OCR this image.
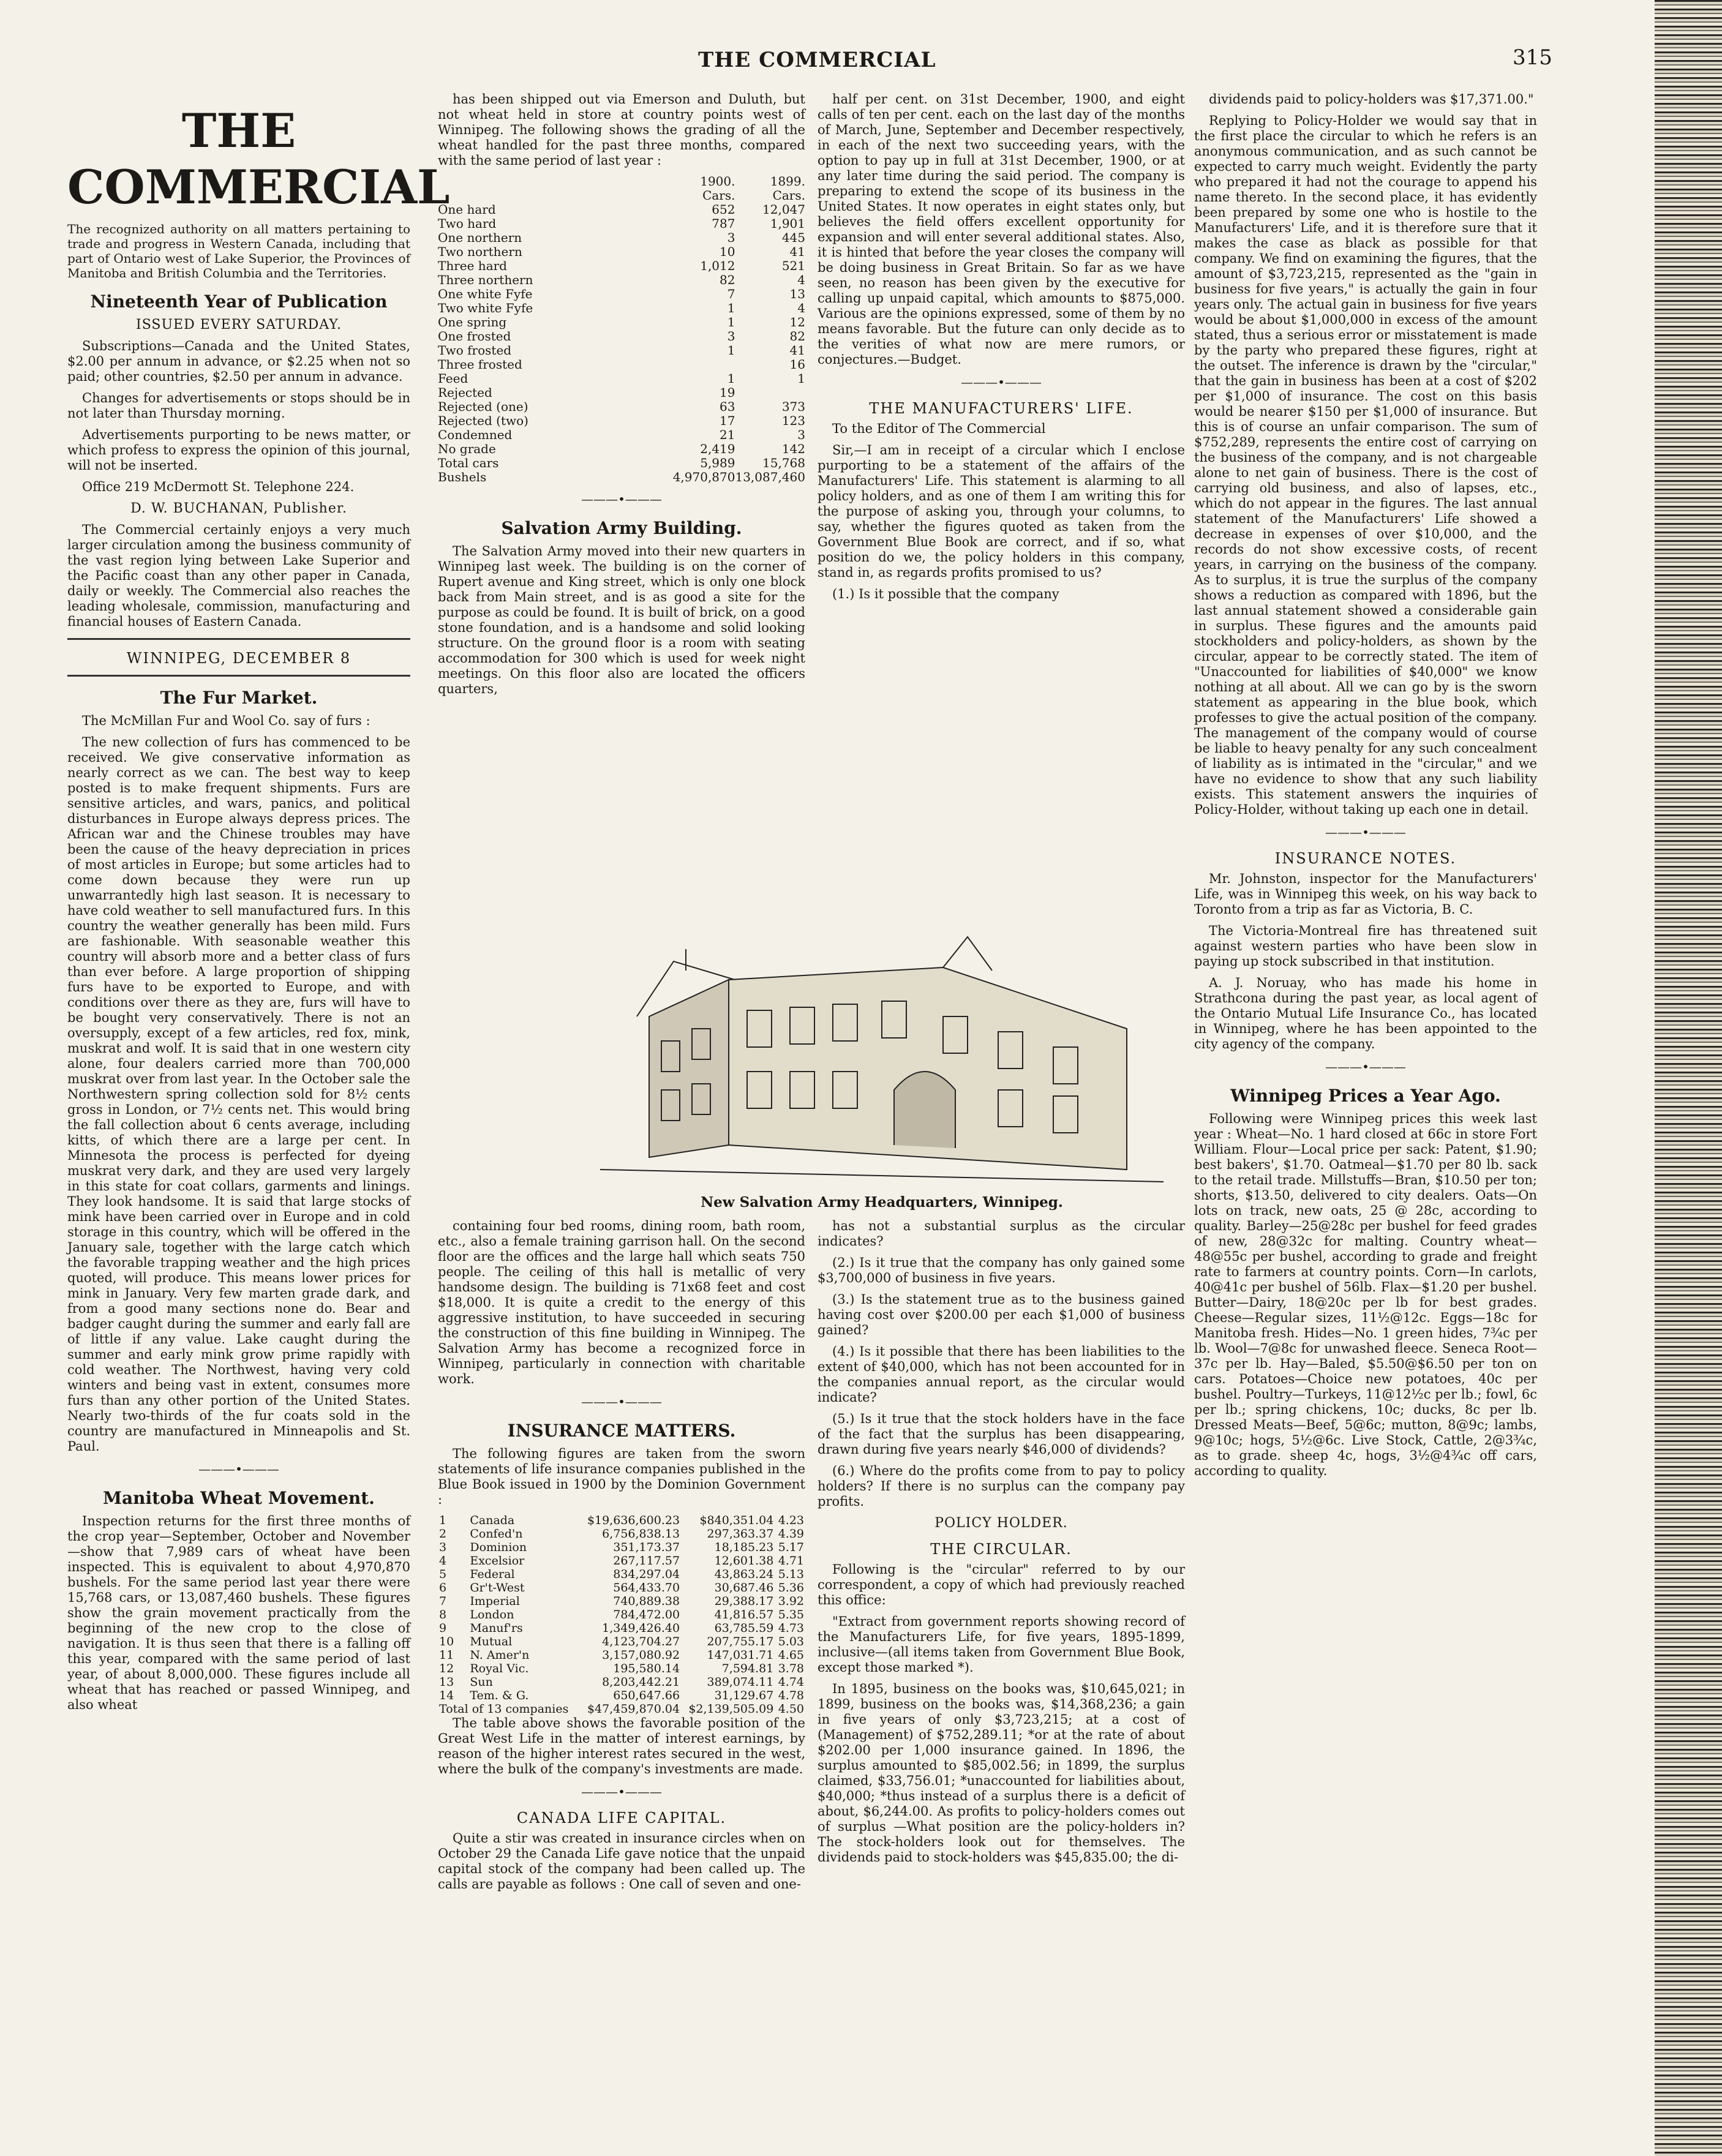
THE COMMERCIAL	315
THE COMMERCIAL
The recognized authority on all matters pertaining to trade and progress in Western Canada, including that part of Ontario west of Lake Superior, the Provinces of Manitoba and British Columbia and the Territories.
Nineteenth Year of Publication
ISSUED EVERY SATURDAY.

Subscriptions—Canada and the United States, $2.00 per annum in advance, or $2.25 when not so paid; other countries, $2.50 per annum in advance.

Changes for advertisements or stops should be in not later than Thursday morning.

Advertisements purporting to be news matter, or which profess to express the opinion of this journal, will not be inserted.

Office 219 McDermott St. Telephone 224.

D. W. BUCHANAN, Publisher.

The Commercial certainly enjoys a very much larger circulation among the business community of the vast region lying between Lake Superior and the Pacific coast than any other paper in Canada, daily or weekly. The Commercial also reaches the leading wholesale, commission, manufacturing and financial houses of Eastern Canada.

WINNIPEG, DECEMBER 8
The Fur Market.

The McMillan Fur and Wool Co. say of furs :

The new collection of furs has commenced to be received. We give conservative information as nearly correct as we can. The best way to keep posted is to make frequent shipments. Furs are sensitive articles, and wars, panics, and political disturbances in Europe always depress prices. The African war and the Chinese troubles may have been the cause of the heavy depreciation in prices of most articles in Europe; but some articles had to come down because they were run up unwarrantedly high last season. It is necessary to have cold weather to sell manufactured furs. In this country the weather generally has been mild. Furs are fashionable. With seasonable weather this country will absorb more and a better class of furs than ever before. A large proportion of shipping furs have to be exported to Europe, and with conditions over there as they are, furs will have to be bought very conservatively. There is not an oversupply, except of a few articles, red fox, mink, muskrat and wolf. It is said that in one western city alone, four dealers carried more than 700,000 muskrat over from last year. In the October sale the Northwestern spring collection sold for 8½ cents gross in London, or 7½ cents net. This would bring the fall collection about 6 cents average, including kitts, of which there are a large per cent. In Minnesota the process is perfected for dyeing muskrat very dark, and they are used very largely in this state for coat collars, garments and linings. They look handsome. It is said that large stocks of mink have been carried over in Europe and in cold storage in this country, which will be offered in the January sale, together with the large catch which the favorable trapping weather and the high prices quoted, will produce. This means lower prices for mink in January. Very few marten grade dark, and from a good many sections none do. Bear and badger caught during the summer and early fall are of little if any value. Lake caught during the summer and early mink grow prime rapidly with cold weather. The Northwest, having very cold winters and being vast in extent, consumes more furs than any other portion of the United States. Nearly two-thirds of the fur coats sold in the country are manufactured in Minneapolis and St. Paul.

———•———
Manitoba Wheat Movement.

Inspection returns for the first three months of the crop year—September, October and November—show that 7,989 cars of wheat have been inspected. This is equivalent to about 4,970,870 bushels. For the same period last year there were 15,768 cars, or 13,087,460 bushels. These figures show the grain movement practically from the beginning of the new crop to the close of navigation. It is thus seen that there is a falling off this year, compared with the same period of last year, of about 8,000,000. These figures include all wheat that has reached or passed Winnipeg, and also wheat

has been shipped out via Emerson and Duluth, but not wheat held in store at country points west of Winnipeg. The following shows the grading of all the wheat handled for the past three months, compared with the same period of last year :

	1900. Cars.	1899. Cars.
One hard	652	12,047
Two hard	787	1,901
One northern	3	445
Two northern	10	41
Three hard	1,012	521
Three northern	82	4
One white Fyfe	7	13
Two white Fyfe	1	4
One spring	1	12
One frosted	3	82
Two frosted	1	41
Three frosted		16
Feed	1	1
Rejected	19	
Rejected (one)	63	373
Rejected (two)	17	123
Condemned	21	3
No grade	2,419	142
Total cars	5,989	15,768
Bushels	4,970,870	13,087,460
———•———
Salvation Army Building.

The Salvation Army moved into their new quarters in Winnipeg last week. The building is on the corner of Rupert avenue and King street, which is only one block back from Main street, and is as good a site for the purpose as could be found. It is built of brick, on a good stone foundation, and is a handsome and solid looking structure. On the ground floor is a room with seating accommodation for 300 which is used for week night meetings. On this floor also are located the officers quarters,

half per cent. on 31st December, 1900, and eight calls of ten per cent. each on the last day of the months of March, June, September and December respectively, in each of the next two succeeding years, with the option to pay up in full at 31st December, 1900, or at any later time during the said period. The company is preparing to extend the scope of its business in the United States. It now operates in eight states only, but believes the field offers excellent opportunity for expansion and will enter several additional states. Also, it is hinted that before the year closes the company will be doing business in Great Britain. So far as we have seen, no reason has been given by the executive for calling up unpaid capital, which amounts to $875,000. Various are the opinions expressed, some of them by no means favorable. But the future can only decide as to the verities of what now are mere rumors, or conjectures.—Budget.

———•———
THE MANUFACTURERS' LIFE.

To the Editor of The Commercial

Sir,—I am in receipt of a circular which I enclose purporting to be a statement of the affairs of the Manufacturers' Life. This statement is alarming to all policy holders, and as one of them I am writing this for the purpose of asking you, through your columns, to say, whether the figures quoted as taken from the Government Blue Book are correct, and if so, what position do we, the policy holders in this company, stand in, as regards profits promised to us?

(1.) Is it possible that the company

dividends paid to policy-holders was $17,371.00."

Replying to Policy-Holder we would say that in the first place the circular to which he refers is an anonymous communication, and as such cannot be expected to carry much weight. Evidently the party who prepared it had not the courage to append his name thereto. In the second place, it has evidently been prepared by some one who is hostile to the Manufacturers' Life, and it is therefore sure that it makes the case as black as possible for that company. We find on examining the figures, that the amount of $3,723,215, represented as the "gain in business for five years," is actually the gain in four years only. The actual gain in business for five years would be about $1,000,000 in excess of the amount stated, thus a serious error or misstatement is made by the party who prepared these figures, right at the outset. The inference is drawn by the "circular," that the gain in business has been at a cost of $202 per $1,000 of insurance. The cost on this basis would be nearer $150 per $1,000 of insurance. But this is of course an unfair comparison. The sum of $752,289, represents the entire cost of carrying on the business of the company, and is not chargeable alone to net gain of business. There is the cost of carrying old business, and also of lapses, etc., which do not appear in the figures. The last annual statement of the Manufacturers' Life showed a decrease in expenses of over $10,000, and the records do not show excessive costs, of recent years, in carrying on the business of the company. As to surplus, it is true the surplus of the company shows a reduction as compared with 1896, but the last annual statement showed a considerable gain in surplus. These figures and the amounts paid stockholders and policy-holders, as shown by the circular, appear to be correctly stated. The item of "Unaccounted for liabilities of $40,000" we know nothing at all about. All we can go by is the sworn statement as appearing in the blue book, which professes to give the actual position of the company. The management of the company would of course be liable to heavy penalty for any such concealment of liability as is intimated in the "circular," and we have no evidence to show that any such liability exists. This statement answers the inquiries of Policy-Holder, without taking up each one in detail.

———•———
INSURANCE NOTES.

Mr. Johnston, inspector for the Manufacturers' Life, was in Winnipeg this week, on his way back to Toronto from a trip as far as Victoria, B. C.

The Victoria-Montreal fire has threatened suit against western parties who have been slow in paying up stock subscribed in that institution.

A. J. Noruay, who has made his home in Strathcona during the past year, as local agent of the Ontario Mutual Life Insurance Co., has located in Winnipeg, where he has been appointed to the city agency of the company.

———•———
Winnipeg Prices a Year Ago.

Following were Winnipeg prices this week last year : Wheat—No. 1 hard closed at 66c in store Fort William. Flour—Local price per sack: Patent, $1.90; best bakers', $1.70. Oatmeal—$1.70 per 80 lb. sack to the retail trade. Millstuffs—Bran, $10.50 per ton; shorts, $13.50, delivered to city dealers. Oats—On lots on track, new oats, 25 @ 28c, according to quality. Barley—25@28c per bushel for feed grades of new, 28@32c for malting. Country wheat—48@55c per bushel, according to grade and freight rate to farmers at country points. Corn—In carlots, 40@41c per bushel of 56lb. Flax—$1.20 per bushel. Butter—Dairy, 18@20c per lb for best grades. Cheese—Regular sizes, 11½@12c. Eggs—18c for Manitoba fresh. Hides—No. 1 green hides, 7¾c per lb. Wool—7@8c for unwashed fleece. Seneca Root—37c per lb. Hay—Baled, $5.50@$6.50 per ton on cars. Potatoes—Choice new potatoes, 40c per bushel. Poultry—Turkeys, 11@12½c per lb.; fowl, 6c per lb.; spring chickens, 10c; ducks, 8c per lb. Dressed Meats—Beef, 5@6c; mutton, 8@9c; lambs, 9@10c; hogs, 5½@6c. Live Stock, Cattle, 2@3¾c, as to grade. sheep 4c, hogs, 3½@4¾c off cars, according to quality.

New Salvation Army Headquarters, Winnipeg.

containing four bed rooms, dining room, bath room, etc., also a female training garrison hall. On the second floor are the offices and the large hall which seats 750 people. The ceiling of this hall is metallic of very handsome design. The building is 71x68 feet and cost $18,000. It is quite a credit to the energy of this aggressive institution, to have succeeded in securing the construction of this fine building in Winnipeg. The Salvation Army has become a recognized force in Winnipeg, particularly in connection with charitable work.

———•———
INSURANCE MATTERS.

The following figures are taken from the sworn statements of life insurance companies published in the Blue Book issued in 1900 by the Dominion Government :

1	Canada	$19,636,600.23	$840,351.04	4.23
2	Confed'n	6,756,838.13	297,363.37	4.39
3	Dominion	351,173.37	18,185.23	5.17
4	Excelsior	267,117.57	12,601.38	4.71
5	Federal	834,297.04	43,863.24	5.13
6	Gr't-West	564,433.70	30,687.46	5.36
7	Imperial	740,889.38	29,388.17	3.92
8	London	784,472.00	41,816.57	5.35
9	Manuf'rs	1,349,426.40	63,785.59	4.73
10	Mutual	4,123,704.27	207,755.17	5.03
11	N. Amer'n	3,157,080.92	147,031.71	4.65
12	Royal Vic.	195,580.14	7,594.81	3.78
13	Sun	8,203,442.21	389,074.11	4.74
14	Tem. & G.	650,647.66	31,129.67	4.78
Total of 13 companies		$47,459,870.04	$2,139,505.09	4.50

The table above shows the favorable position of the Great West Life in the matter of interest earnings, by reason of the higher interest rates secured in the west, where the bulk of the company's investments are made.

———•———
CANADA LIFE CAPITAL.

Quite a stir was created in insurance circles when on October 29 the Canada Life gave notice that the unpaid capital stock of the company had been called up. The calls are payable as follows : One call of seven and one-

has not a substantial surplus as the circular indicates?

(2.) Is it true that the company has only gained some $3,700,000 of business in five years.

(3.) Is the statement true as to the business gained having cost over $200.00 per each $1,000 of business gained?

(4.) Is it possible that there has been liabilities to the extent of $40,000, which has not been accounted for in the companies annual report, as the circular would indicate?

(5.) Is it true that the stock holders have in the face of the fact that the surplus has been disappearing, drawn during five years nearly $46,000 of dividends?

(6.) Where do the profits come from to pay to policy holders? If there is no surplus can the company pay profits.

POLICY HOLDER.
THE CIRCULAR.

Following is the "circular" referred to by our correspondent, a copy of which had previously reached this office:

"Extract from government reports showing record of the Manufacturers Life, for five years, 1895-1899, inclusive—(all items taken from Government Blue Book, except those marked *).

In 1895, business on the books was, $10,645,021; in 1899, business on the books was, $14,368,236; a gain in five years of only $3,723,215; at a cost of (Management) of $752,289.11; *or at the rate of about $202.00 per 1,000 insurance gained. In 1896, the surplus amounted to $85,002.56; in 1899, the surplus claimed, $33,756.01; *unaccounted for liabilities about, $40,000; *thus instead of a surplus there is a deficit of about, $6,244.00. As profits to policy-holders comes out of surplus —What position are the policy-holders in? The stock-holders look out for themselves. The dividends paid to stock-holders was $45,835.00; the di-
